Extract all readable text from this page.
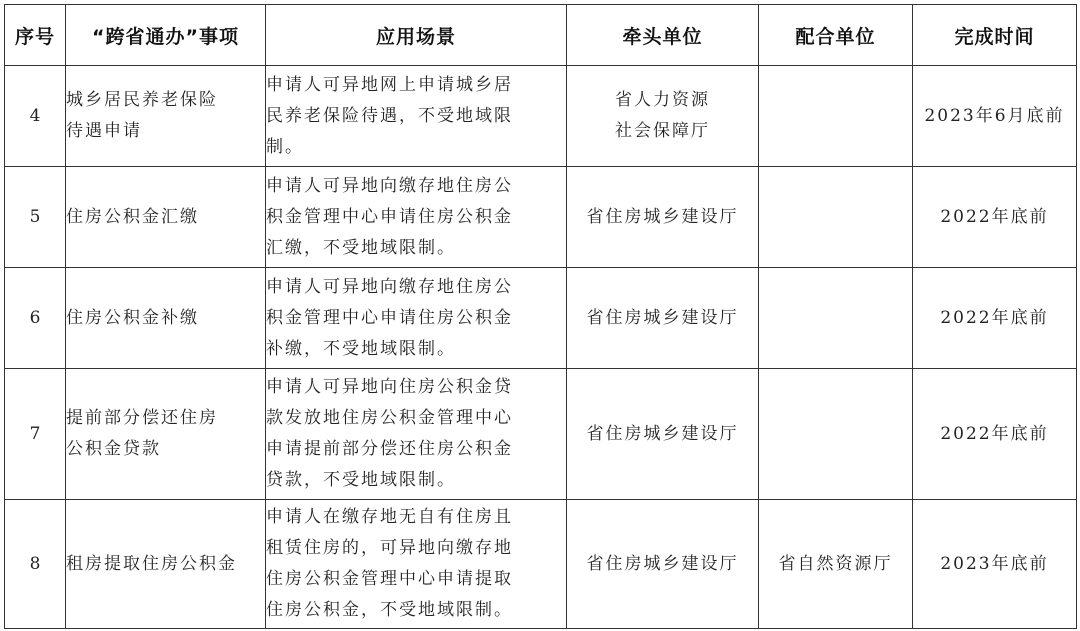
序号	“跨省通办”事项	应用场景	牵头单位	配合单位	完成时间
4	城乡居民养老保险
待遇申请	申请人可异地网上申请城乡居
民养老保险待遇，不受地域限
制。	省人力资源
社会保障厅		2023年6月底前
5	住房公积金汇缴	申请人可异地向缴存地住房公
积金管理中心申请住房公积金
汇缴，不受地域限制。	省住房城乡建设厅		2022年底前
6	住房公积金补缴	申请人可异地向缴存地住房公
积金管理中心申请住房公积金
补缴，不受地域限制。	省住房城乡建设厅		2022年底前
7	提前部分偿还住房
公积金贷款	申请人可异地向住房公积金贷
款发放地住房公积金管理中心
申请提前部分偿还住房公积金
贷款，不受地域限制。	省住房城乡建设厅		2022年底前
8	租房提取住房公积金	申请人在缴存地无自有住房且
租赁住房的，可异地向缴存地
住房公积金管理中心申请提取
住房公积金，不受地域限制。	省住房城乡建设厅	省自然资源厅	2023年底前
